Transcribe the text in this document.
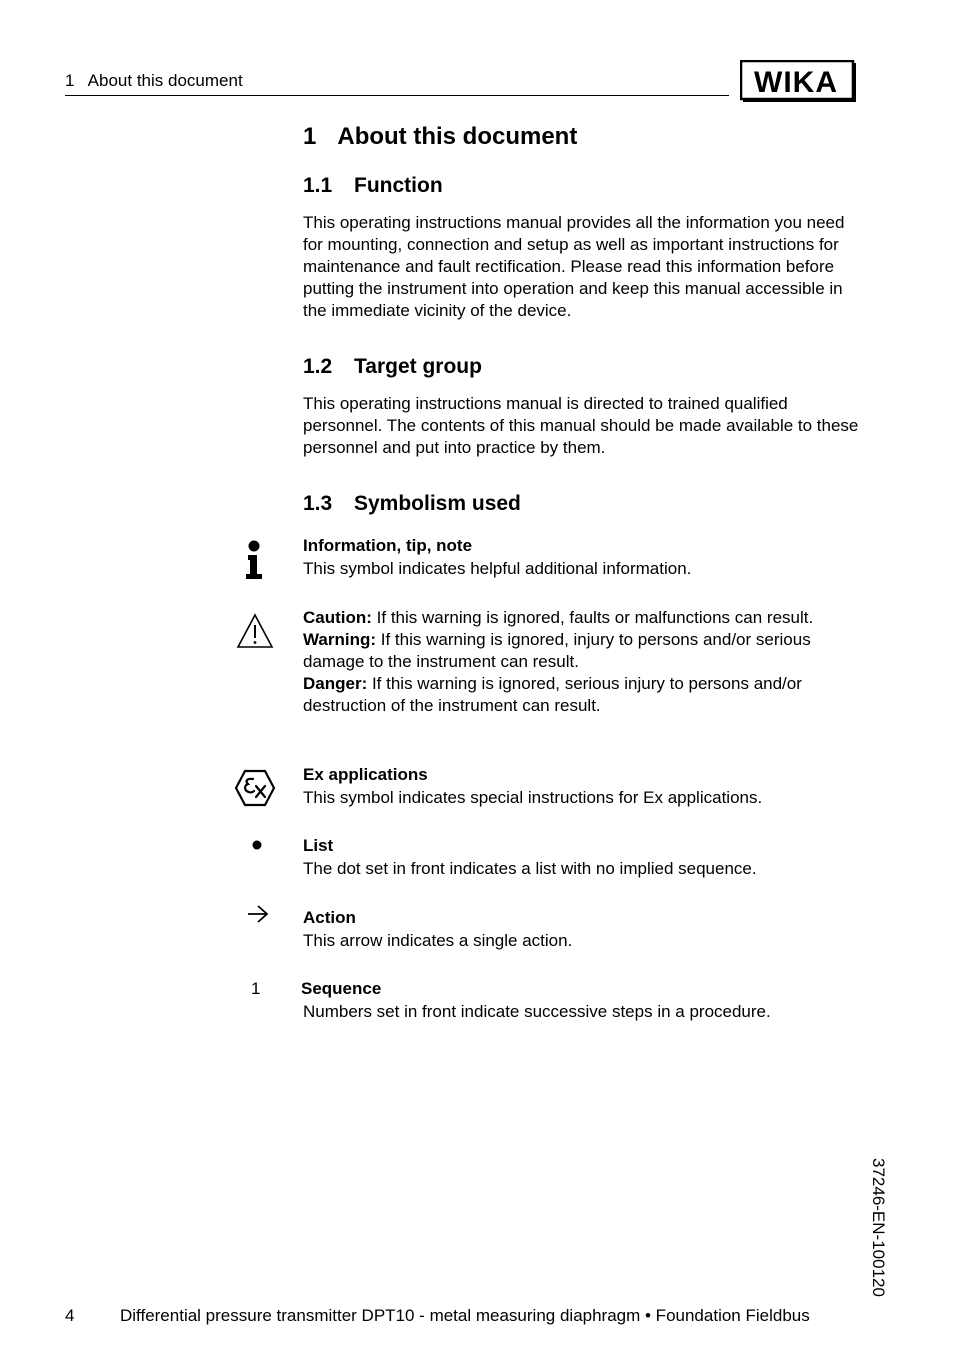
1   About this document	WIKA
1 About this document
1.1 Function

This operating instructions manual provides all the information you need for mounting, connection and setup as well as important instructions for maintenance and fault rectification. Please read this information before putting the instrument into operation and keep this manual accessible in the immediate vicinity of the device.

1.2 Target group

This operating instructions manual is directed to trained qualified personnel. The contents of this manual should be made available to these personnel and put into practice by them.

1.3 Symbolism used
Information, tip, note

This symbol indicates helpful additional information.

Caution: If this warning is ignored, faults or malfunctions can result.
Warning: If this warning is ignored, injury to persons and/or serious damage to the instrument can result.
Danger: If this warning is ignored, serious injury to persons and/or destruction of the instrument can result.
Ex applications

This symbol indicates special instructions for Ex applications.

List

The dot set in front indicates a list with no implied sequence.

Action

This arrow indicates a single action.

1 Sequence

Numbers set in front indicate successive steps in a procedure.

37246-EN-100120
4	Differential pressure transmitter DPT10 - metal measuring diaphragm • Foundation Fieldbus
